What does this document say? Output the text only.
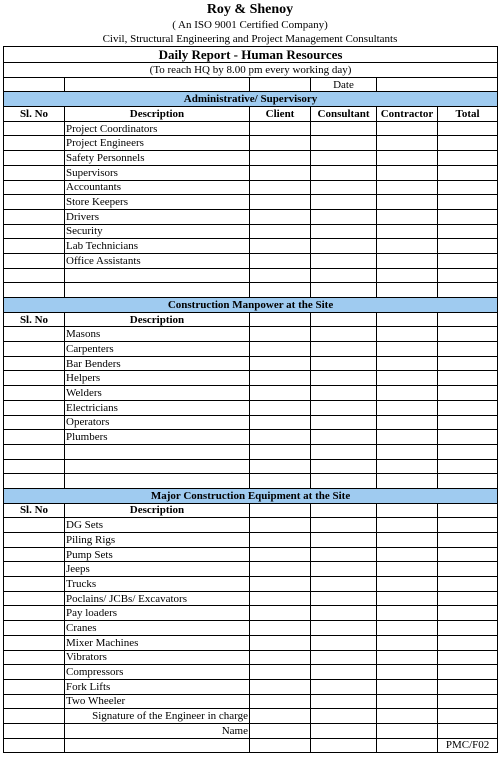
Roy & Shenoy
( An ISO 9001 Certified Company)
Civil, Structural Engineering and Project Management Consultants
Daily Report - Human Resources					
(To reach HQ by 8.00 pm every working day)					
			Date		
Administrative/ Supervisory					
Sl. No	Description	Client	Consultant	Contractor	Total
	Project Coordinators				
	Project Engineers				
	Safety Personnels				
	Supervisors				
	Accountants				
	Store Keepers				
	Drivers				
	Security				
	Lab Technicians				
	Office Assistants				

Construction Manpower at the Site					
Sl. No	Description				
	Masons				
	Carpenters				
	Bar Benders				
	Helpers				
	Welders				
	Electricians				
	Operators				
	Plumbers				

Major Construction Equipment at the Site					
Sl. No	Description				
	DG Sets				
	Piling Rigs				
	Pump Sets				
	Jeeps				
	Trucks				
	Poclains/ JCBs/ Excavators				
	Pay loaders				
	Cranes				
	Mixer Machines				
	Vibrators				
	Compressors				
	Fork Lifts				
	Two Wheeler				
	Signature of the Engineer in charge				
	Name				
					PMC/F02
